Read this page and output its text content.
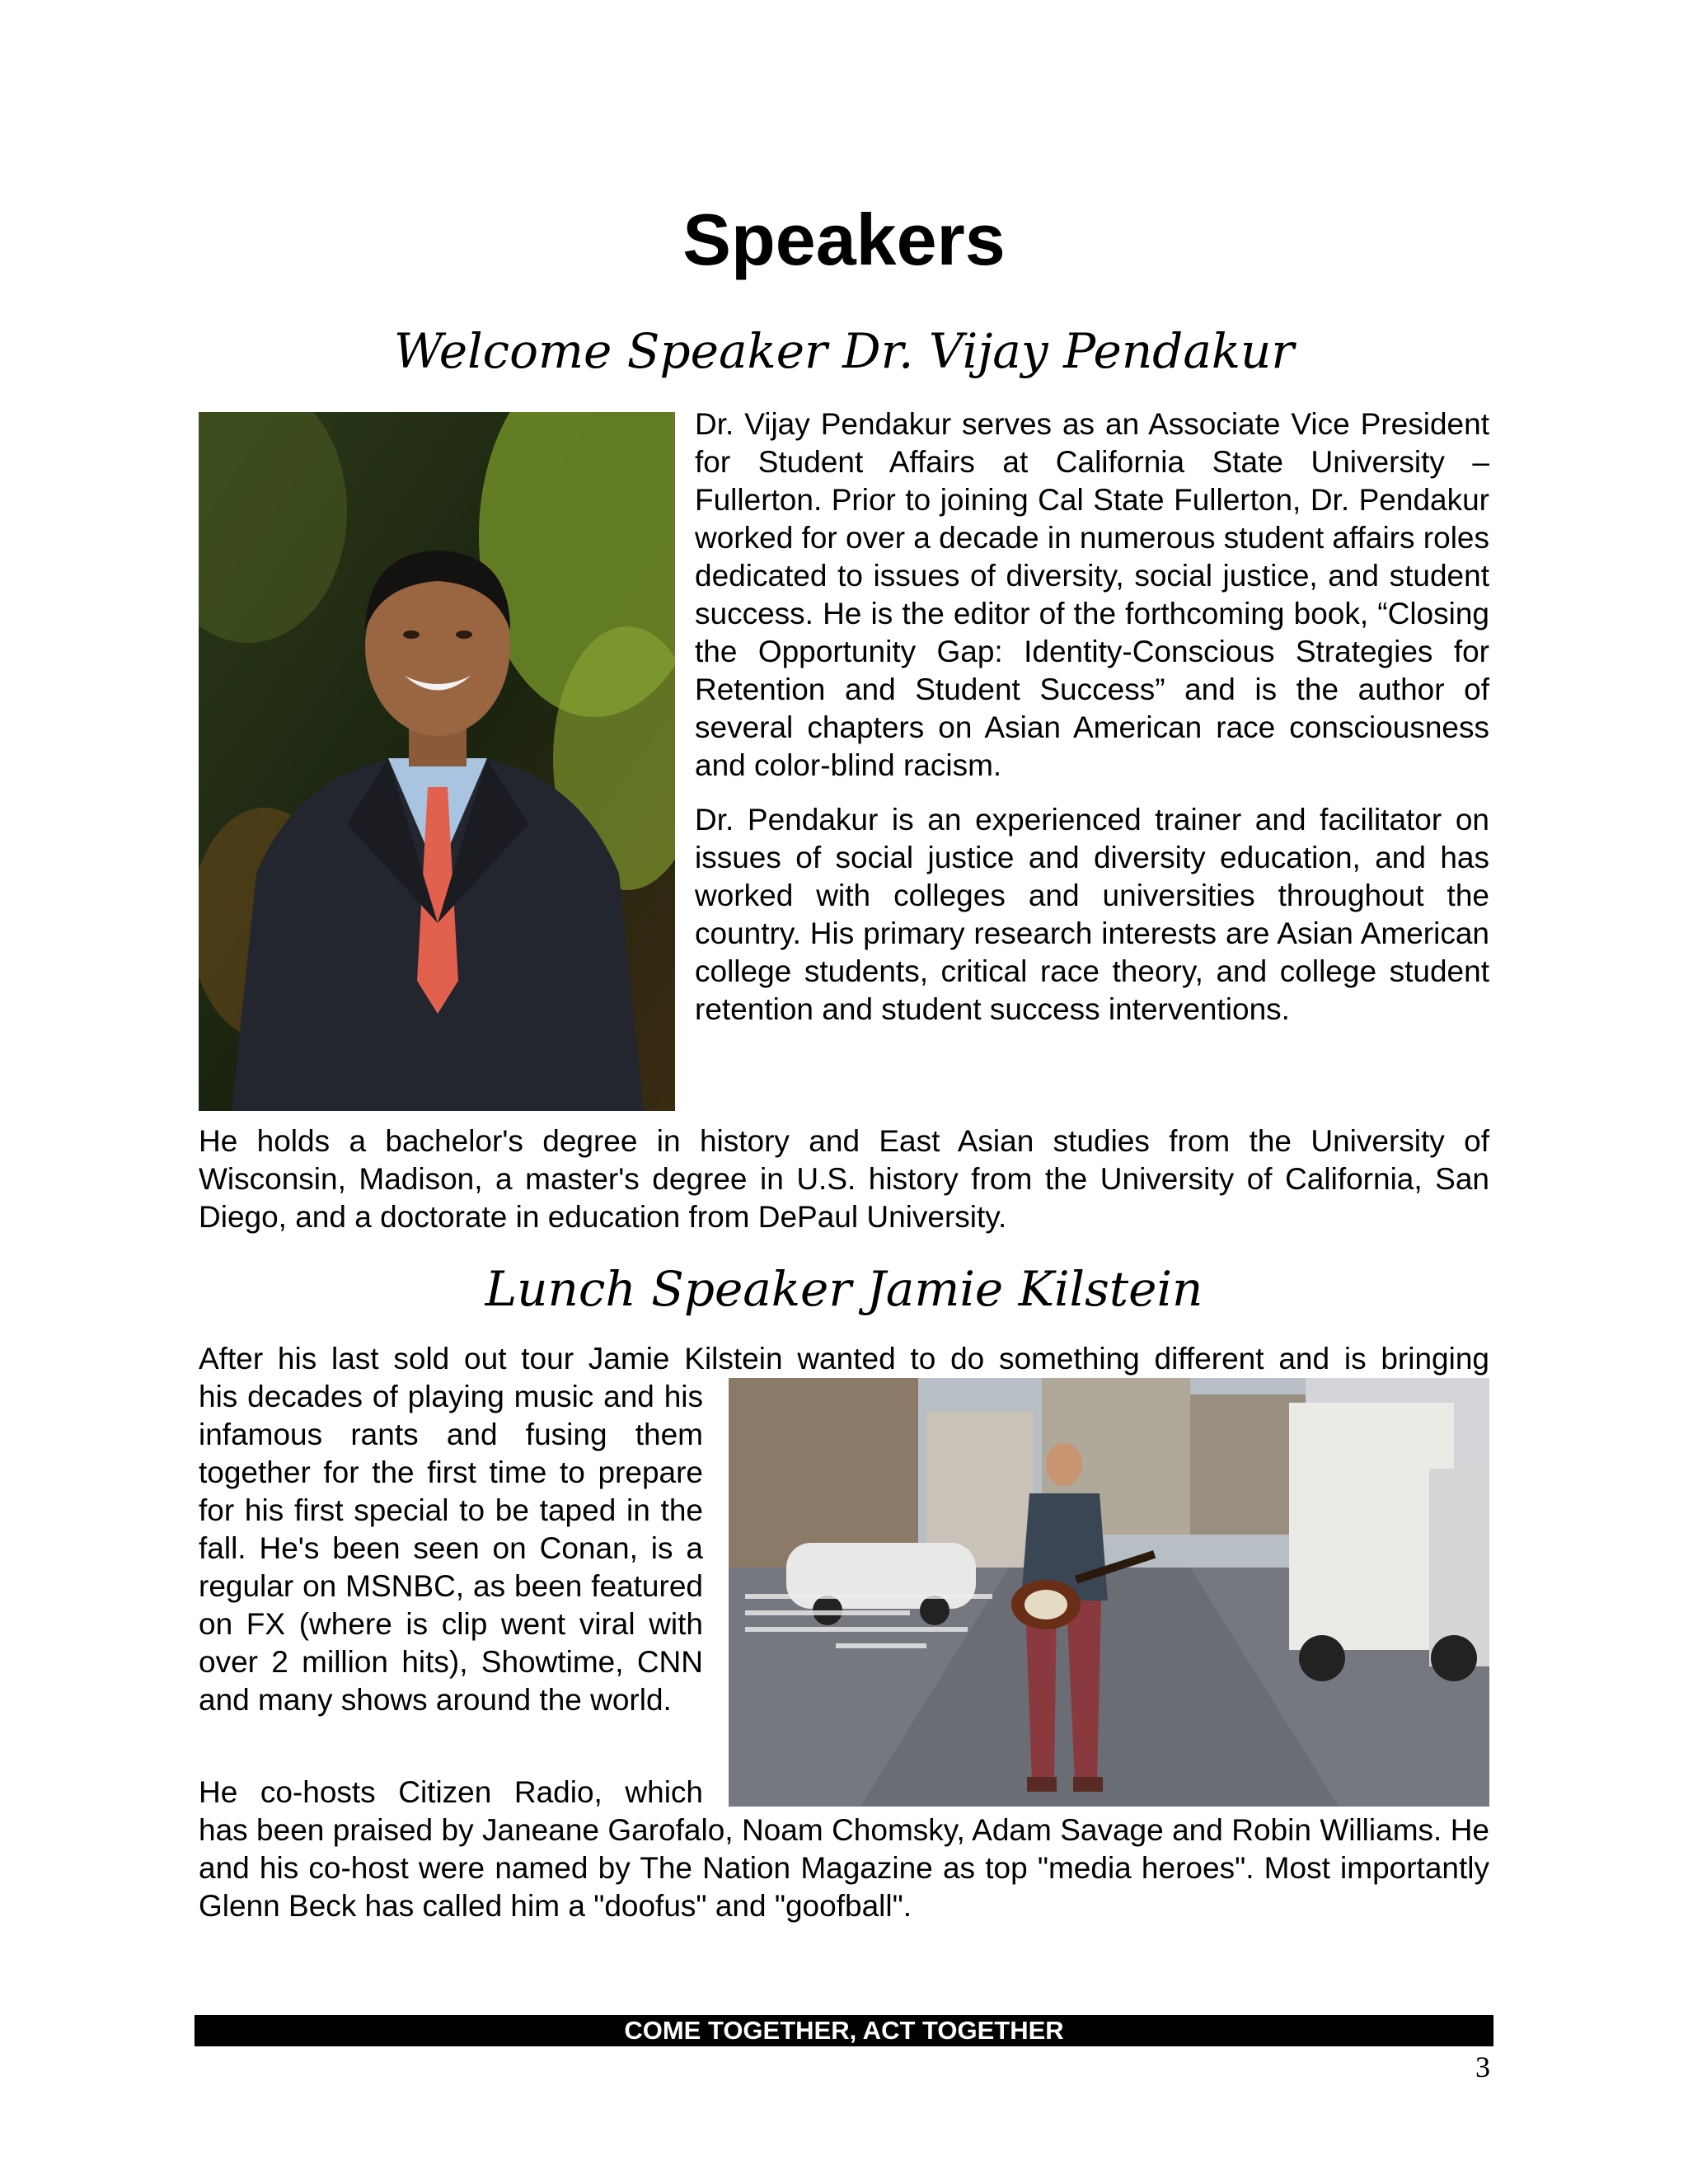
Speakers
Welcome Speaker Dr. Vijay Pendakur

Dr. Vijay Pendakur serves as an Associate Vice President for Student Affairs at California State University – Fullerton. Prior to joining Cal State Fullerton, Dr. Pendakur worked for over a decade in numerous student affairs roles dedicated to issues of diversity, social justice, and student success. He is the editor of the forthcoming book, “Closing the Opportunity Gap: Identity-Conscious Strategies for Retention and Student Success” and is the author of several chapters on Asian American race consciousness and color-blind racism.

Dr. Pendakur is an experienced trainer and facilitator on issues of social justice and diversity education, and has worked with colleges and universities throughout the country. His primary research interests are Asian American college students, critical race theory, and college student retention and student success interventions.

He holds a bachelor's degree in history and East Asian studies from the University of Wisconsin, Madison, a master's degree in U.S. history from the University of California, San Diego, and a doctorate in education from DePaul University.

Lunch Speaker Jamie Kilstein

After his last sold out tour Jamie Kilstein wanted to do something different and is bringing

his decades of playing music and his infamous rants and fusing them together for the first time to prepare for his first special to be taped in the fall. He's been seen on Conan, is a regular on MSNBC, as been featured on FX (where is clip went viral with over 2 million hits), Showtime, CNN and many shows around the world.

He co-hosts Citizen Radio, which

has been praised by Janeane Garofalo, Noam Chomsky, Adam Savage and Robin Williams. He and his co-host were named by The Nation Magazine as top "media heroes". Most importantly Glenn Beck has called him a "doofus" and "goofball".

COME TOGETHER, ACT TOGETHER
3
